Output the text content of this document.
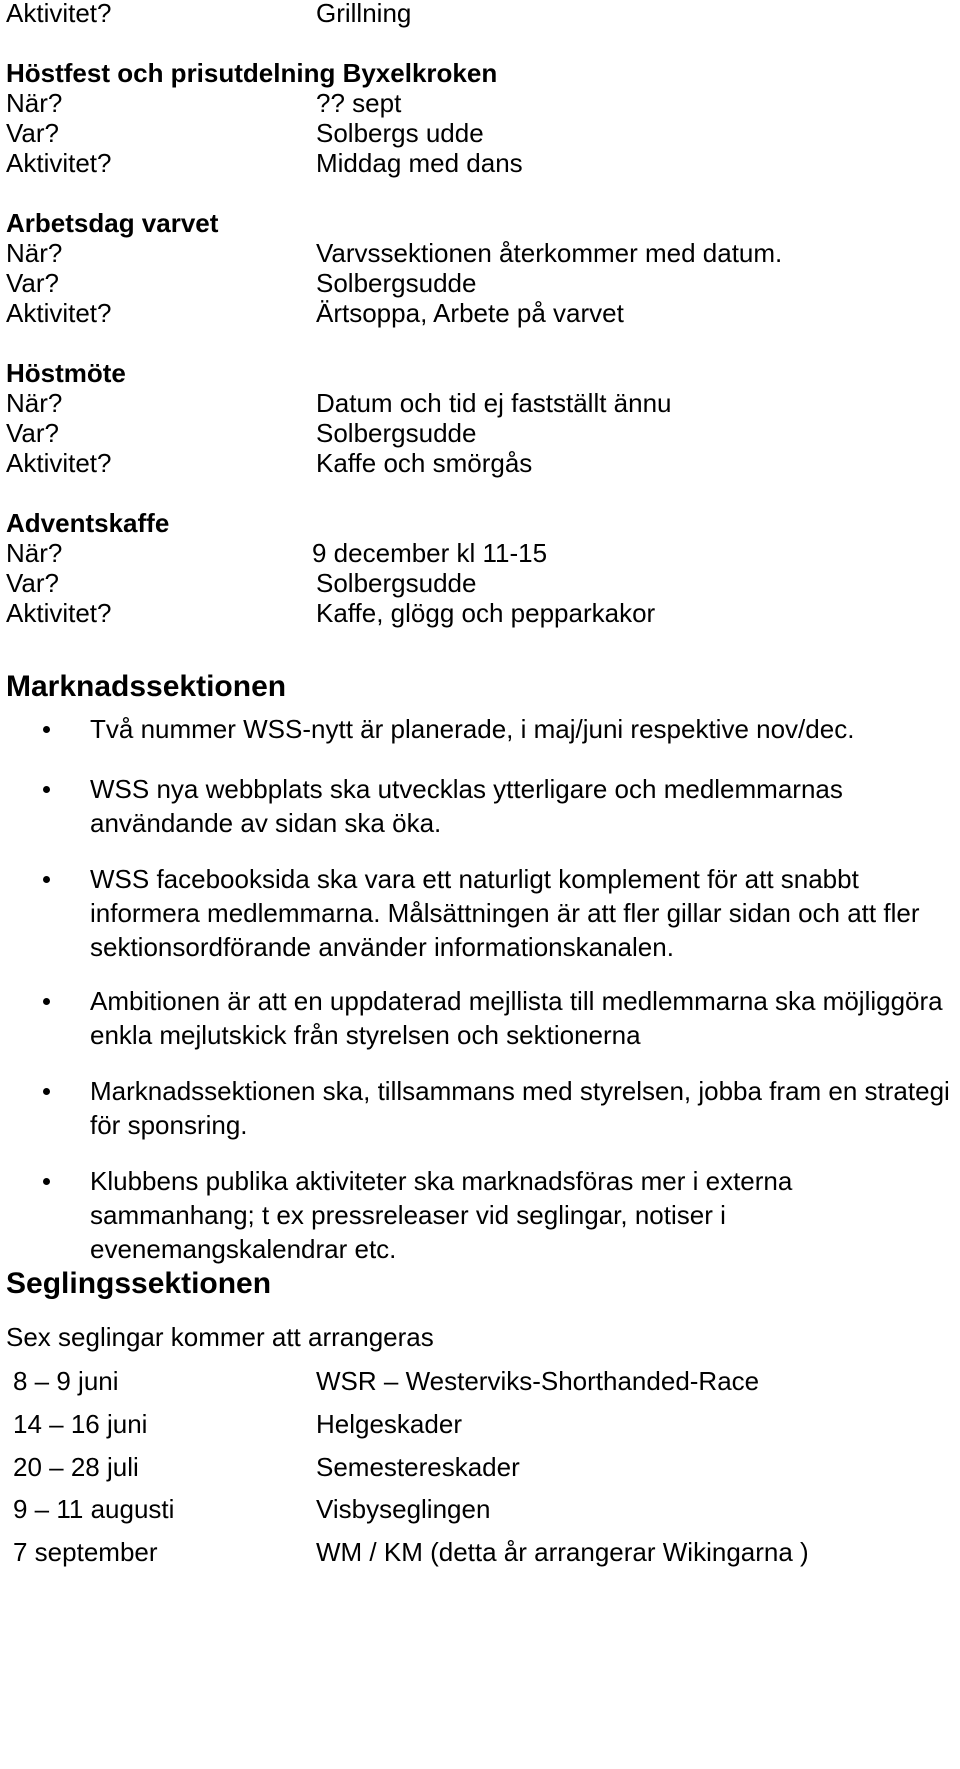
Aktivitet?	Grillning
Höstfest och prisutdelning Byxelkroken
När?	?? sept
Var?	Solbergs udde
Aktivitet?	Middag med dans
Arbetsdag varvet
När?	Varvssektionen återkommer med datum.
Var?	Solbergsudde
Aktivitet?	Ärtsoppa, Arbete på varvet
Höstmöte
När?	Datum och tid ej fastställt ännu
Var?	Solbergsudde
Aktivitet?	Kaffe och smörgås
Adventskaffe
När?	9 december kl 11-15
Var?	Solbergsudde
Aktivitet?	Kaffe, glögg och pepparkakor
Marknadssektionen
Två nummer WSS-nytt är planerade, i maj/juni respektive nov/dec.
WSS nya webbplats ska utvecklas ytterligare och medlemmarnas användande av sidan ska öka.
WSS facebooksida ska vara ett naturligt komplement för att snabbt informera medlemmarna. Målsättningen är att fler gillar sidan och att fler sektionsordförande använder informationskanalen.
Ambitionen är att en uppdaterad mejllista till medlemmarna ska möjliggöra enkla mejlutskick från styrelsen och sektionerna
Marknadssektionen ska, tillsammans med styrelsen, jobba fram en strategi för sponsring.
Klubbens publika aktiviteter ska marknadsföras mer i externa sammanhang; t ex pressreleaser vid seglingar, notiser i evenemangskalendrar etc.
Seglingssektionen
Sex seglingar kommer att arrangeras
8 – 9 juni	WSR – Westerviks-Shorthanded-Race
14 – 16 juni	Helgeskader
20 – 28 juli	Semestereskader
9 – 11 augusti	Visbyseglingen
7 september	WM / KM (detta år arrangerar Wikingarna )
